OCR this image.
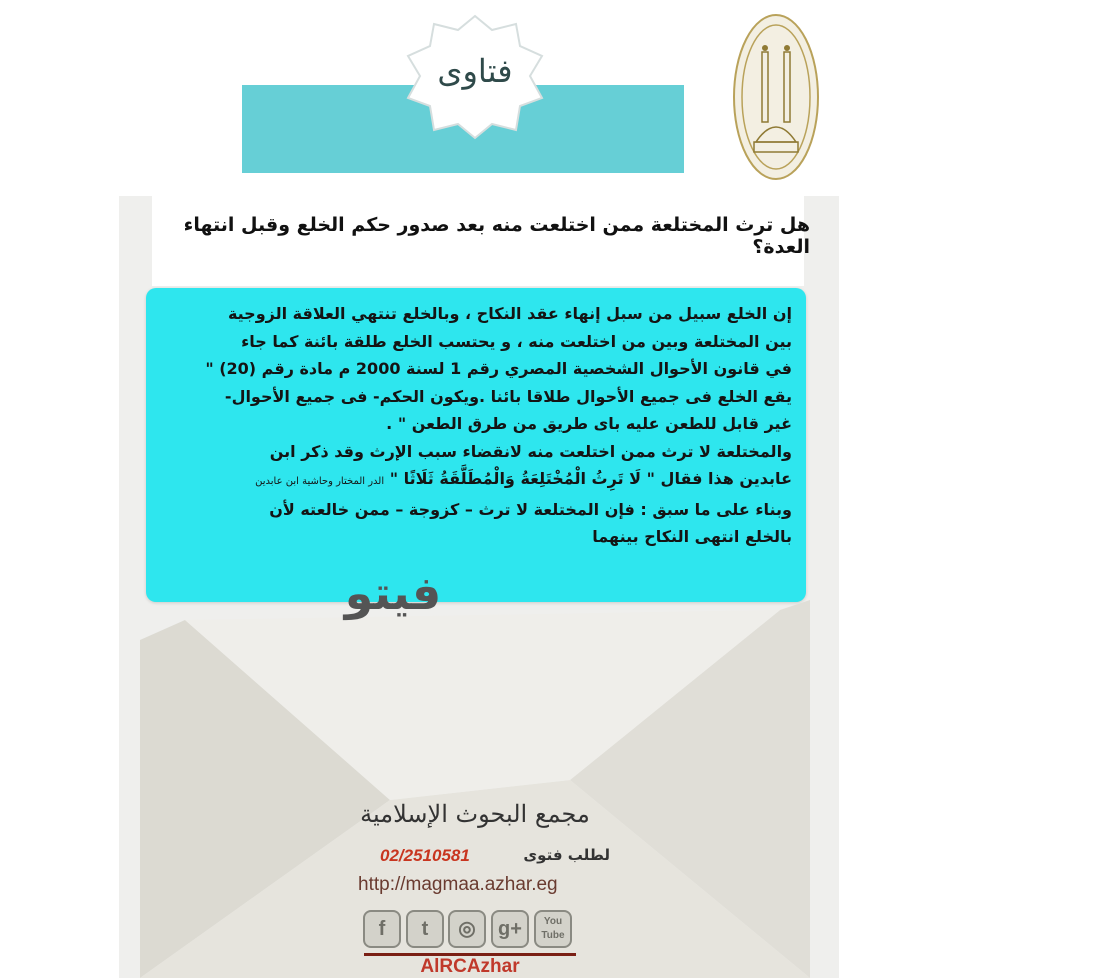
فتاوى
هل ترث المختلعة ممن اختلعت منه بعد صدور حكم الخلع وقبل انتهاء العدة؟
إن الخلع سبيل من سبل إنهاء عقد النكاح ، وبالخلع تنتهي العلاقة الزوجية
بين المختلعة وبين من اختلعت منه ، و يحتسب الخلع طلقة بائنة كما جاء
في قانون الأحوال الشخصية المصري رقم 1 لسنة 2000 م مادة رقم (20) "
يقع الخلع فى جميع الأحوال طلاقا بائنا .ويكون الحكم- فى جميع الأحوال-
غير قابل للطعن عليه باى طريق من طرق الطعن " .
والمختلعة لا ترث ممن اختلعت منه لانقضاء سبب الإرث وقد ذكر ابن
عابدين هذا فقال " لَا تَرِثُ الْمُخْتَلِعَةُ وَالْمُطَلَّقَةُ ثَلَاثًا " الدر المختار وحاشية ابن عابدين
وبناء على ما سبق : فإن المختلعة لا ترث – كزوجة – ممن خالعته لأن
بالخلع انتهى النكاح بينهما
فيتو
مجمع البحوث الإسلامية
02/2510581	لطلب فتوى
http://magmaa.azhar.eg
f	t	◎	g+	You Tube
AlRCAzhar
